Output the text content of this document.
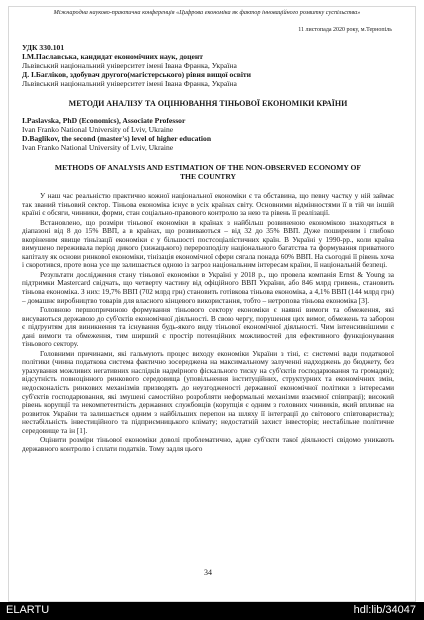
Міжнародна науково-практична конференція «Цифрова економіка як фактор інноваційного розвитку суспільства»
11 листопада 2020 року, м.Тернопіль
УДК 330.101
І.М.Паславська, кандидат економічних наук, доцент
Львівський національний університет імені Івана Франка, Україна
Д. І.Багліков, здобувач другого(магістерського) рівня вищої освіти
Львівський національний університет імені Івана Франка, Україна
МЕТОДИ АНАЛІЗУ ТА ОЦІНЮВАННЯ ТІНЬОВОЇ ЕКОНОМІКИ КРАЇНИ
I.Paslavska, PhD (Economics), Associate Professor
Ivan Franko National University of Lviv, Ukraine
D.Baglikov, the second (master's) level of higher education
Ivan Franko National University of Lviv, Ukraine
METHODS OF ANALYSIS AND ESTIMATION OF THE NON-OBSERVED ECONOMY OF THE COUNTRY

У наш час реальністю практично кожної національної економіки є та обставина, що певну частку у ній займає так званий тіньовий сектор. Тіньова економіка існує в усіх країнах світу. Основними відмінностями її в тій чи іншій країні є обсяги, чинники, форми, стан соціально-правового контролю за нею та рівень її реалізації.

Встановлено, що розміри тіньової економіки в країнах з найбільш розвиненою економікою знаходяться в діапазоні від 8 до 15% ВВП, а в країнах, що розвиваються – від 32 до 35% ВВП. Дуже поширеним і глибоко вкоріненим явище тіньізації економіки є у більшості постсоціалістичних країн. В Україні у 1990-рр., коли країна вимушено переживала період дикого (хижацького) перерозподілу національного багатства та формування приватного капіталу як основи ринкової економіки, тінізація економічної сфери сягала понада 60% ВВП. На сьогодні її рівень хоча і скоротився, проте вона усе ще залишається одною із загроз національним інтересам країни, її національній безпеці.

Результати дослідження стану тіньової економіки в Україні у 2018 р., що провела компанія Ernst & Young за підтримки Mastercard свідчать, що четверту частину від офіційного ВВП України, або 846 млрд гривень, становить тіньова економіка. З них: 19,7% ВВП (702 млрд грн) становить готівкова тіньова економіка, а 4,1% ВВП (144 млрд грн) – домашнє виробництво товарів для власного кінцевого використання, тобто – нетропова тіньова економіка [3].

Головною першопричиною формування тіньового сектору економіки є наявні вимоги та обмеження, які висуваються державою до суб'єктів економічної діяльності. В свою чергу, порушення цих вимог, обмежень та заборон є підґрунтям для виникнення та існування будь-якого виду тіньової економічної діяльності. Чим інтенсивнішими є дані вимоги та обмеження, тим ширший є простір потенційних можливостей для ефективного функціонування тіньового сектору.

Головними причинами, які гальмують процес виходу економіки України з тіні, є: системні вади податкової політики (чинна податкова система фактично зосереджена на максимальному залученні надходжень до бюджету, без урахування можливих негативних наслідків надмірного фіскального тиску на суб'єктів господарювання та громадян); відсутність повноцінного ринкового середовища (уповільнення інституційних, структурних та економічних змін, недосконалість ринкових механізмів призводять до неузгодженості державної економічної політики з інтересами суб'єктів господарювання, які змушені самостійно розробляти неформальні механізми взаємної співпраці); високий рівень корупції та некомпетентність державних службовців (корупція є одним з головних чинників, який впливає на розвиток України та залишається одним з найбільших перепон на шляху її інтеграції до світового співтовариства); нестабільність інвестиційного та підприємницького клімату; недостатній захист інвесторів; нестабільне політичне середовище та ін [1].

Оцінити розміри тіньової економіки доволі проблематично, адже суб'єкти такої діяльності свідомо уникають державного контролю і сплати податків. Тому задля цього

34
ELARTU	hdl:lib/34047
